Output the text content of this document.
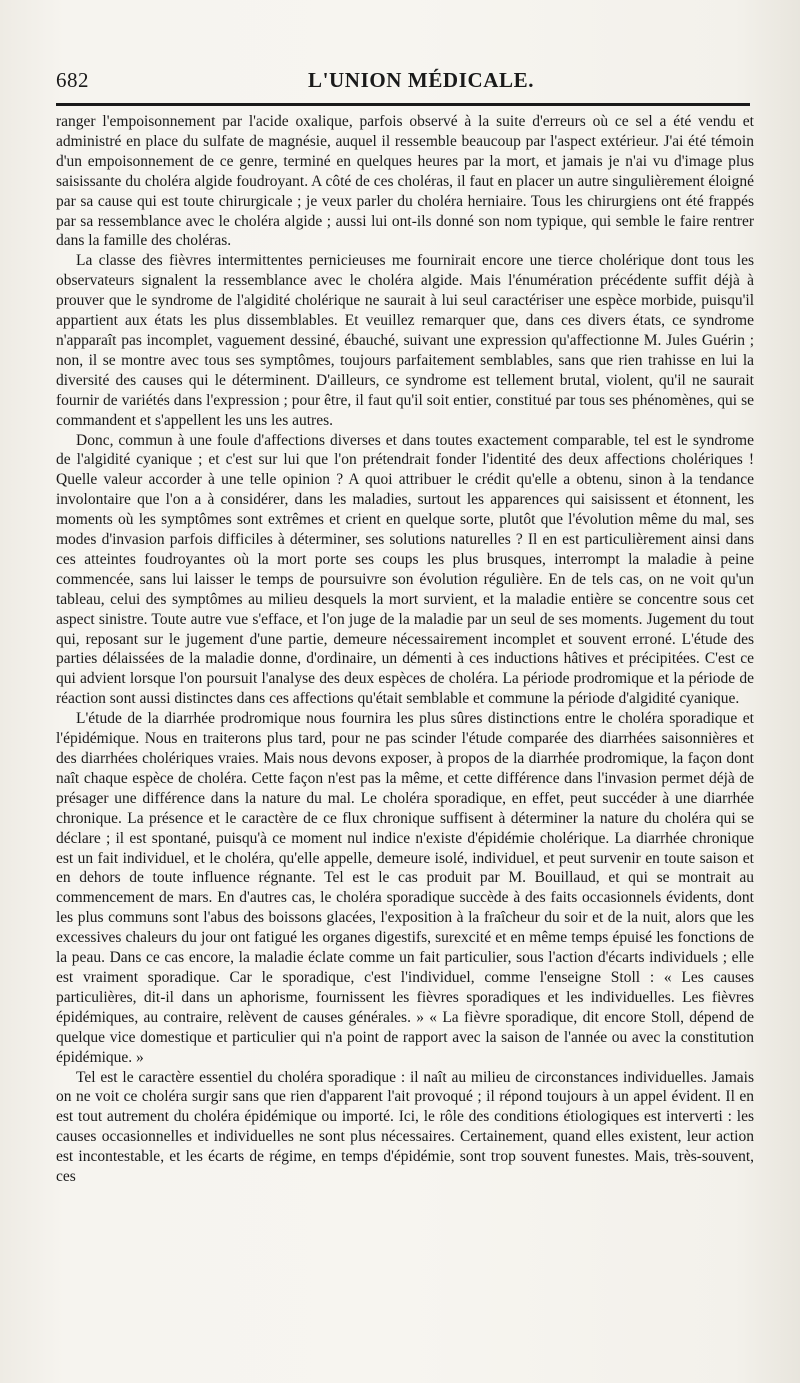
682	L'UNION MÉDICALE.

ranger l'empoisonnement par l'acide oxalique, parfois observé à la suite d'erreurs où ce sel a été vendu et administré en place du sulfate de magnésie, auquel il ressemble beaucoup par l'aspect extérieur. J'ai été témoin d'un empoisonnement de ce genre, terminé en quelques heures par la mort, et jamais je n'ai vu d'image plus saisissante du choléra algide foudroyant. A côté de ces choléras, il faut en placer un autre singulièrement éloigné par sa cause qui est toute chirurgicale ; je veux parler du choléra herniaire. Tous les chirurgiens ont été frappés par sa ressemblance avec le choléra algide ; aussi lui ont-ils donné son nom typique, qui semble le faire rentrer dans la famille des choléras.

La classe des fièvres intermittentes pernicieuses me fournirait encore une tierce cholérique dont tous les observateurs signalent la ressemblance avec le choléra algide. Mais l'énumération précédente suffit déjà à prouver que le syndrome de l'algidité cholérique ne saurait à lui seul caractériser une espèce morbide, puisqu'il appartient aux états les plus dissemblables. Et veuillez remarquer que, dans ces divers états, ce syndrome n'apparaît pas incomplet, vaguement dessiné, ébauché, suivant une expression qu'affectionne M. Jules Guérin ; non, il se montre avec tous ses symptômes, toujours parfaitement semblables, sans que rien trahisse en lui la diversité des causes qui le déterminent. D'ailleurs, ce syndrome est tellement brutal, violent, qu'il ne saurait fournir de variétés dans l'expression ; pour être, il faut qu'il soit entier, constitué par tous ses phénomènes, qui se commandent et s'appellent les uns les autres.

Donc, commun à une foule d'affections diverses et dans toutes exactement comparable, tel est le syndrome de l'algidité cyanique ; et c'est sur lui que l'on prétendrait fonder l'identité des deux affections cholériques ! Quelle valeur accorder à une telle opinion ? A quoi attribuer le crédit qu'elle a obtenu, sinon à la tendance involontaire que l'on a à considérer, dans les maladies, surtout les apparences qui saisissent et étonnent, les moments où les symptômes sont extrêmes et crient en quelque sorte, plutôt que l'évolution même du mal, ses modes d'invasion parfois difficiles à déterminer, ses solutions naturelles ? Il en est particulièrement ainsi dans ces atteintes foudroyantes où la mort porte ses coups les plus brusques, interrompt la maladie à peine commencée, sans lui laisser le temps de poursuivre son évolution régulière. En de tels cas, on ne voit qu'un tableau, celui des symptômes au milieu desquels la mort survient, et la maladie entière se concentre sous cet aspect sinistre. Toute autre vue s'efface, et l'on juge de la maladie par un seul de ses moments. Jugement du tout qui, reposant sur le jugement d'une partie, demeure nécessairement incomplet et souvent erroné. L'étude des parties délaissées de la maladie donne, d'ordinaire, un démenti à ces inductions hâtives et précipitées. C'est ce qui advient lorsque l'on poursuit l'analyse des deux espèces de choléra. La période prodromique et la période de réaction sont aussi distinctes dans ces affections qu'était semblable et commune la période d'algidité cyanique.

L'étude de la diarrhée prodromique nous fournira les plus sûres distinctions entre le choléra sporadique et l'épidémique. Nous en traiterons plus tard, pour ne pas scinder l'étude comparée des diarrhées saisonnières et des diarrhées cholériques vraies. Mais nous devons exposer, à propos de la diarrhée prodromique, la façon dont naît chaque espèce de choléra. Cette façon n'est pas la même, et cette différence dans l'invasion permet déjà de présager une différence dans la nature du mal. Le choléra sporadique, en effet, peut succéder à une diarrhée chronique. La présence et le caractère de ce flux chronique suffisent à déterminer la nature du choléra qui se déclare ; il est spontané, puisqu'à ce moment nul indice n'existe d'épidémie cholérique. La diarrhée chronique est un fait individuel, et le choléra, qu'elle appelle, demeure isolé, individuel, et peut survenir en toute saison et en dehors de toute influence régnante. Tel est le cas produit par M. Bouillaud, et qui se montrait au commencement de mars. En d'autres cas, le choléra sporadique succède à des faits occasionnels évidents, dont les plus communs sont l'abus des boissons glacées, l'exposition à la fraîcheur du soir et de la nuit, alors que les excessives chaleurs du jour ont fatigué les organes digestifs, surexcité et en même temps épuisé les fonctions de la peau. Dans ce cas encore, la maladie éclate comme un fait particulier, sous l'action d'écarts individuels ; elle est vraiment sporadique. Car le sporadique, c'est l'individuel, comme l'enseigne Stoll : « Les causes particulières, dit-il dans un aphorisme, fournissent les fièvres sporadiques et les individuelles. Les fièvres épidémiques, au contraire, relèvent de causes générales. » « La fièvre sporadique, dit encore Stoll, dépend de quelque vice domestique et particulier qui n'a point de rapport avec la saison de l'année ou avec la constitution épidémique. »

Tel est le caractère essentiel du choléra sporadique : il naît au milieu de circonstances individuelles. Jamais on ne voit ce choléra surgir sans que rien d'apparent l'ait provoqué ; il répond toujours à un appel évident. Il en est tout autrement du choléra épidémique ou importé. Ici, le rôle des conditions étiologiques est interverti : les causes occasionnelles et individuelles ne sont plus nécessaires. Certainement, quand elles existent, leur action est incontestable, et les écarts de régime, en temps d'épidémie, sont trop souvent funestes. Mais, très-souvent, ces
